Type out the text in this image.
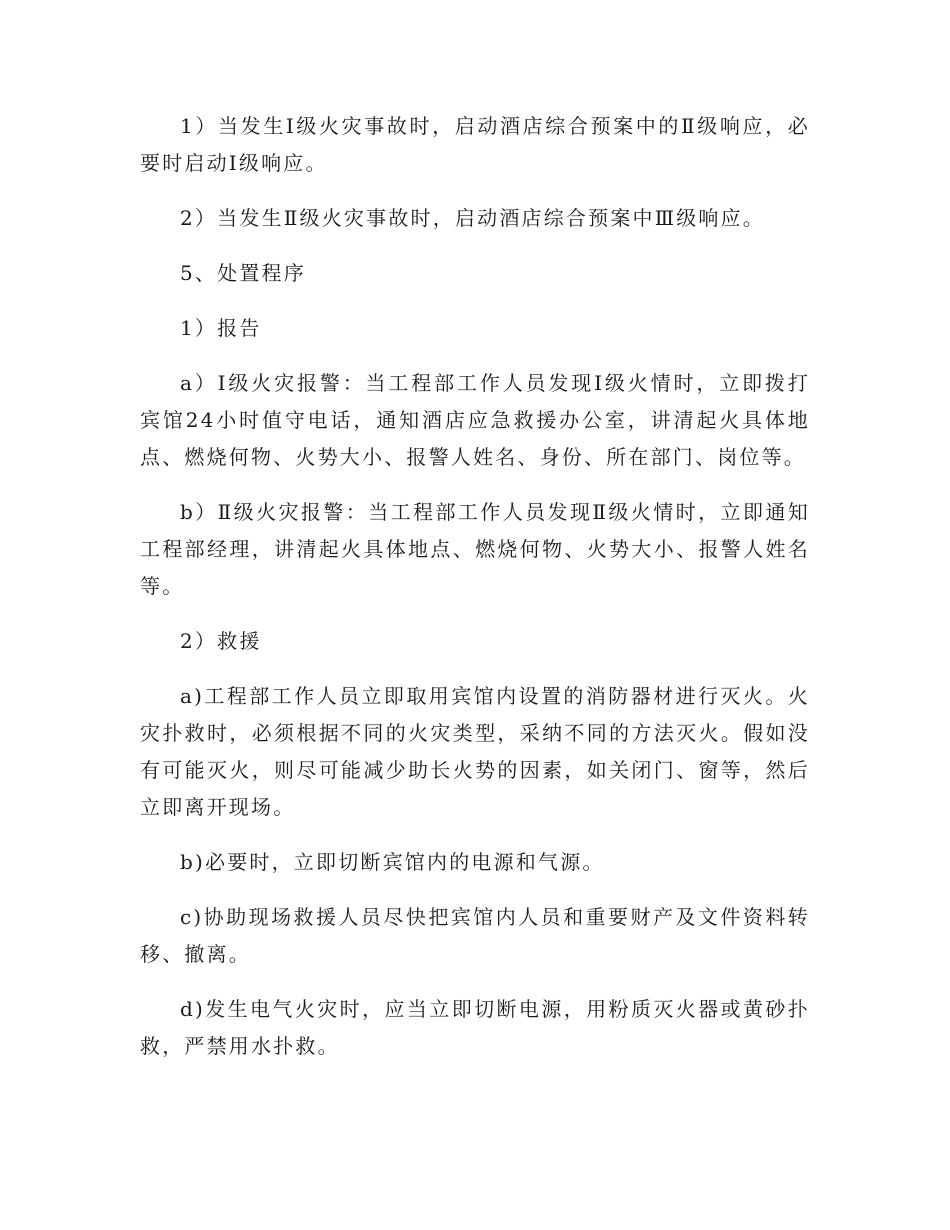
1）当发生Ⅰ级火灾事故时，启动酒店综合预案中的Ⅱ级响应，必要时启动Ⅰ级响应。

2）当发生Ⅱ级火灾事故时，启动酒店综合预案中Ⅲ级响应。

5、处置程序

1）报告

a）Ⅰ级火灾报警：当工程部工作人员发现Ⅰ级火情时，立即拨打宾馆24小时值守电话，通知酒店应急救援办公室，讲清起火具体地点、燃烧何物、火势大小、报警人姓名、身份、所在部门、岗位等。

b）Ⅱ级火灾报警：当工程部工作人员发现Ⅱ级火情时，立即通知工程部经理，讲清起火具体地点、燃烧何物、火势大小、报警人姓名等。

2）救援

a)工程部工作人员立即取用宾馆内设置的消防器材进行灭火。火灾扑救时，必须根据不同的火灾类型，采纳不同的方法灭火。假如没有可能灭火，则尽可能减少助长火势的因素，如关闭门、窗等，然后立即离开现场。

b)必要时，立即切断宾馆内的电源和气源。

c)协助现场救援人员尽快把宾馆内人员和重要财产及文件资料转移、撤离。

d)发生电气火灾时，应当立即切断电源，用粉质灭火器或黄砂扑救，严禁用水扑救。
